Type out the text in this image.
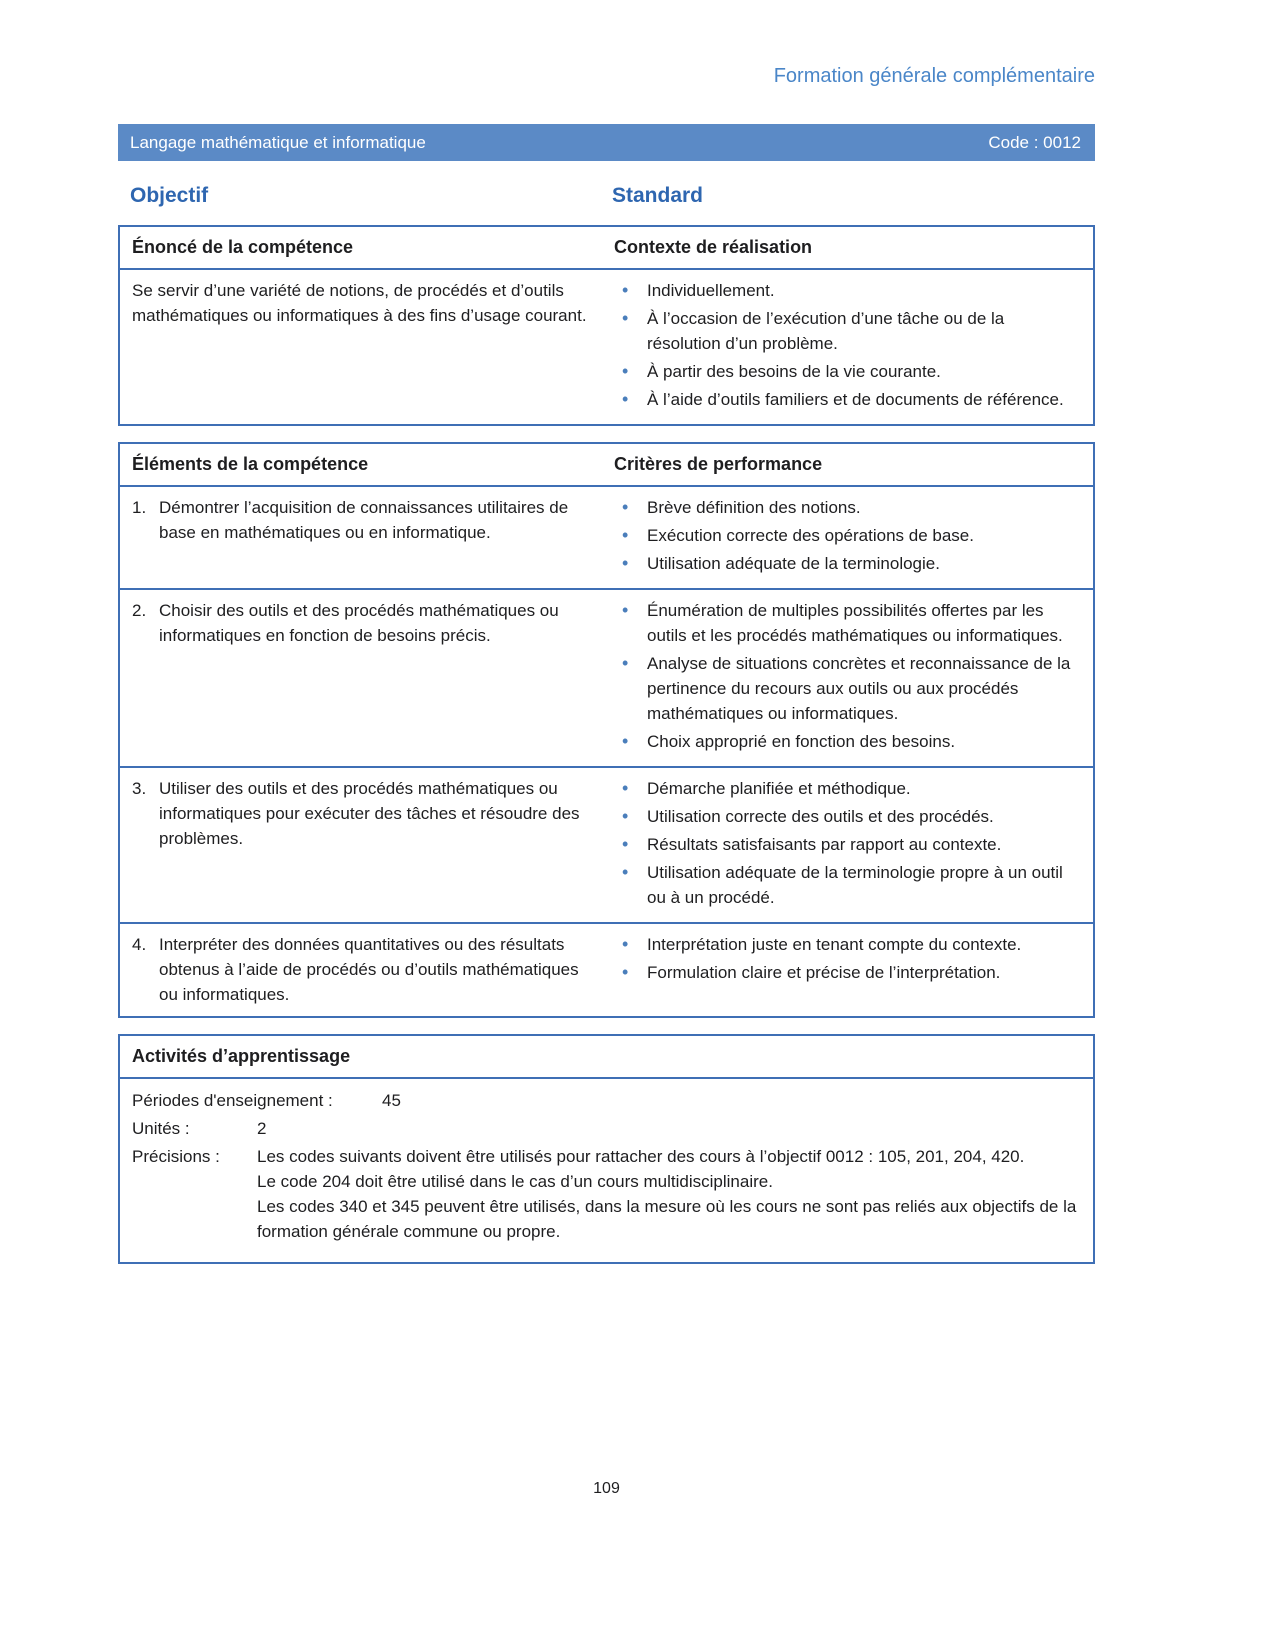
Formation générale complémentaire
Langage mathématique et informatique	Code : 0012
Objectif	Standard
Énoncé de la compétence	Contexte de réalisation

Se servir d’une variété de notions, de procédés et d’outils mathématiques ou informatiques à des fins d’usage courant.

• Individuellement.
• À l’occasion de l’exécution d’une tâche ou de la résolution d’un problème.
• À partir des besoins de la vie courante.
• À l’aide d’outils familiers et de documents de référence.
Éléments de la compétence	Critères de performance
1. Démontrer l’acquisition de connaissances utilitaires de base en mathématiques ou en informatique.
• Brève définition des notions.
• Exécution correcte des opérations de base.
• Utilisation adéquate de la terminologie.
2. Choisir des outils et des procédés mathématiques ou informatiques en fonction de besoins précis.
• Énumération de multiples possibilités offertes par les outils et les procédés mathématiques ou informatiques.
• Analyse de situations concrètes et reconnaissance de la pertinence du recours aux outils ou aux procédés mathématiques ou informatiques.
• Choix approprié en fonction des besoins.
3. Utiliser des outils et des procédés mathématiques ou informatiques pour exécuter des tâches et résoudre des problèmes.
• Démarche planifiée et méthodique.
• Utilisation correcte des outils et des procédés.
• Résultats satisfaisants par rapport au contexte.
• Utilisation adéquate de la terminologie propre à un outil ou à un procédé.
4. Interpréter des données quantitatives ou des résultats obtenus à l’aide de procédés ou d’outils mathématiques ou informatiques.
• Interprétation juste en tenant compte du contexte.
• Formulation claire et précise de l’interprétation.
Activités d’apprentissage
Périodes d'enseignement :	45
Unités :	2
Précisions :	Les codes suivants doivent être utilisés pour rattacher des cours à l’objectif 0012 : 105, 201, 204, 420.

Le code 204 doit être utilisé dans le cas d’un cours multidisciplinaire.

Les codes 340 et 345 peuvent être utilisés, dans la mesure où les cours ne sont pas reliés aux objectifs de la formation générale commune ou propre.

109
